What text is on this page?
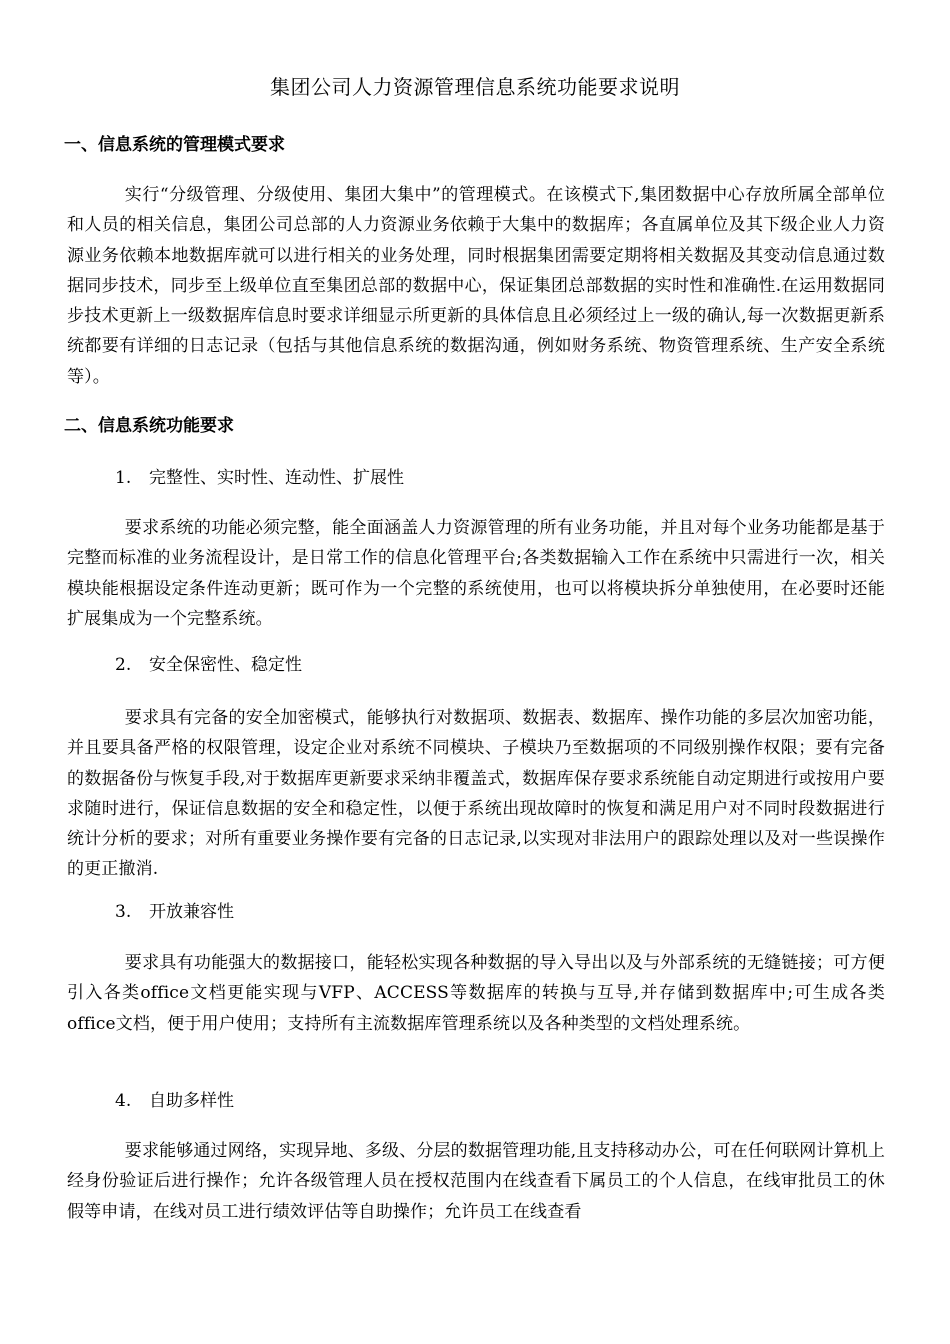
集团公司人力资源管理信息系统功能要求说明
一、信息系统的管理模式要求
实行“分级管理、分级使用、集团大集中”的管理模式。在该模式下,集团数据中心存放所属全部单位和人员的相关信息，集团公司总部的人力资源业务依赖于大集中的数据库；各直属单位及其下级企业人力资源业务依赖本地数据库就可以进行相关的业务处理，同时根据集团需要定期将相关数据及其变动信息通过数据同步技术，同步至上级单位直至集团总部的数据中心，保证集团总部数据的实时性和准确性.在运用数据同步技术更新上一级数据库信息时要求详细显示所更新的具体信息且必须经过上一级的确认,每一次数据更新系统都要有详细的日志记录（包括与其他信息系统的数据沟通，例如财务系统、物资管理系统、生产安全系统等）。
二、信息系统功能要求
1. 完整性、实时性、连动性、扩展性
要求系统的功能必须完整，能全面涵盖人力资源管理的所有业务功能，并且对每个业务功能都是基于完整而标准的业务流程设计，是日常工作的信息化管理平台;各类数据输入工作在系统中只需进行一次，相关模块能根据设定条件连动更新；既可作为一个完整的系统使用，也可以将模块拆分单独使用，在必要时还能扩展集成为一个完整系统。
2. 安全保密性、稳定性
要求具有完备的安全加密模式，能够执行对数据项、数据表、数据库、操作功能的多层次加密功能，并且要具备严格的权限管理，设定企业对系统不同模块、子模块乃至数据项的不同级别操作权限；要有完备的数据备份与恢复手段,对于数据库更新要求采纳非覆盖式，数据库保存要求系统能自动定期进行或按用户要求随时进行，保证信息数据的安全和稳定性，以便于系统出现故障时的恢复和满足用户对不同时段数据进行统计分析的要求；对所有重要业务操作要有完备的日志记录,以实现对非法用户的跟踪处理以及对一些误操作的更正撤消.
3. 开放兼容性
要求具有功能强大的数据接口，能轻松实现各种数据的导入导出以及与外部系统的无缝链接；可方便引入各类office文档更能实现与VFP、ACCESS等数据库的转换与互导,并存储到数据库中;可生成各类office文档，便于用户使用；支持所有主流数据库管理系统以及各种类型的文档处理系统。
4. 自助多样性
要求能够通过网络，实现异地、多级、分层的数据管理功能,且支持移动办公，可在任何联网计算机上经身份验证后进行操作；允许各级管理人员在授权范围内在线查看下属员工的个人信息，在线审批员工的休假等申请，在线对员工进行绩效评估等自助操作；允许员工在线查看
